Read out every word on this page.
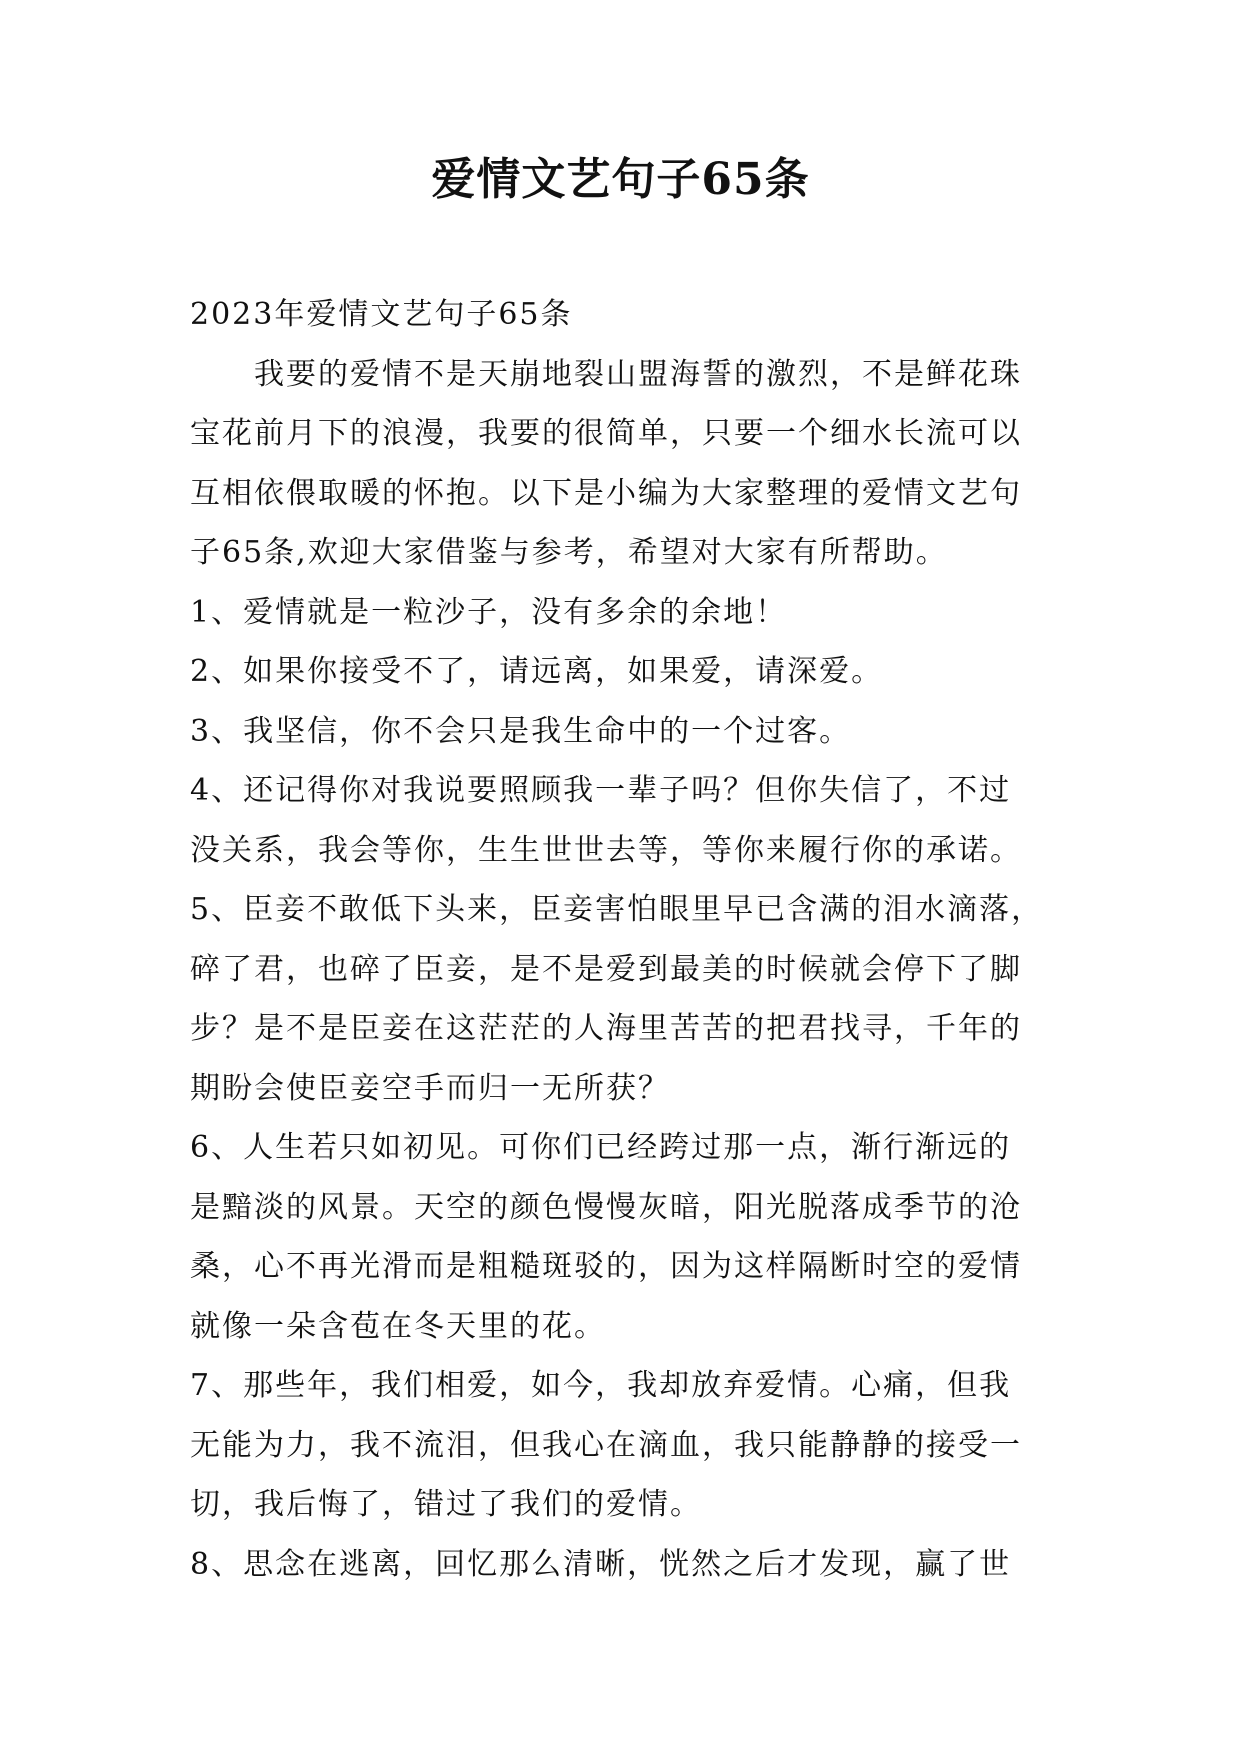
爱情文艺句子65条
2023年爱情文艺句子65条
我要的爱情不是天崩地裂山盟海誓的激烈，不是鲜花珠
宝花前月下的浪漫，我要的很简单，只要一个细水长流可以
互相依偎取暖的怀抱。以下是小编为大家整理的爱情文艺句
子65条,欢迎大家借鉴与参考，希望对大家有所帮助。
1、爱情就是一粒沙子，没有多余的余地！
2、如果你接受不了，请远离，如果爱，请深爱。
3、我坚信，你不会只是我生命中的一个过客。
4、还记得你对我说要照顾我一辈子吗？但你失信了，不过
没关系，我会等你，生生世世去等，等你来履行你的承诺。
5、臣妾不敢低下头来，臣妾害怕眼里早已含满的泪水滴落，
碎了君，也碎了臣妾，是不是爱到最美的时候就会停下了脚
步？是不是臣妾在这茫茫的人海里苦苦的把君找寻，千年的
期盼会使臣妾空手而归一无所获？
6、人生若只如初见。可你们已经跨过那一点，渐行渐远的
是黯淡的风景。天空的颜色慢慢灰暗，阳光脱落成季节的沧
桑，心不再光滑而是粗糙斑驳的，因为这样隔断时空的爱情
就像一朵含苞在冬天里的花。
7、那些年，我们相爱，如今，我却放弃爱情。心痛，但我
无能为力，我不流泪，但我心在滴血，我只能静静的接受一
切，我后悔了，错过了我们的爱情。
8、思念在逃离，回忆那么清晰，恍然之后才发现，赢了世
